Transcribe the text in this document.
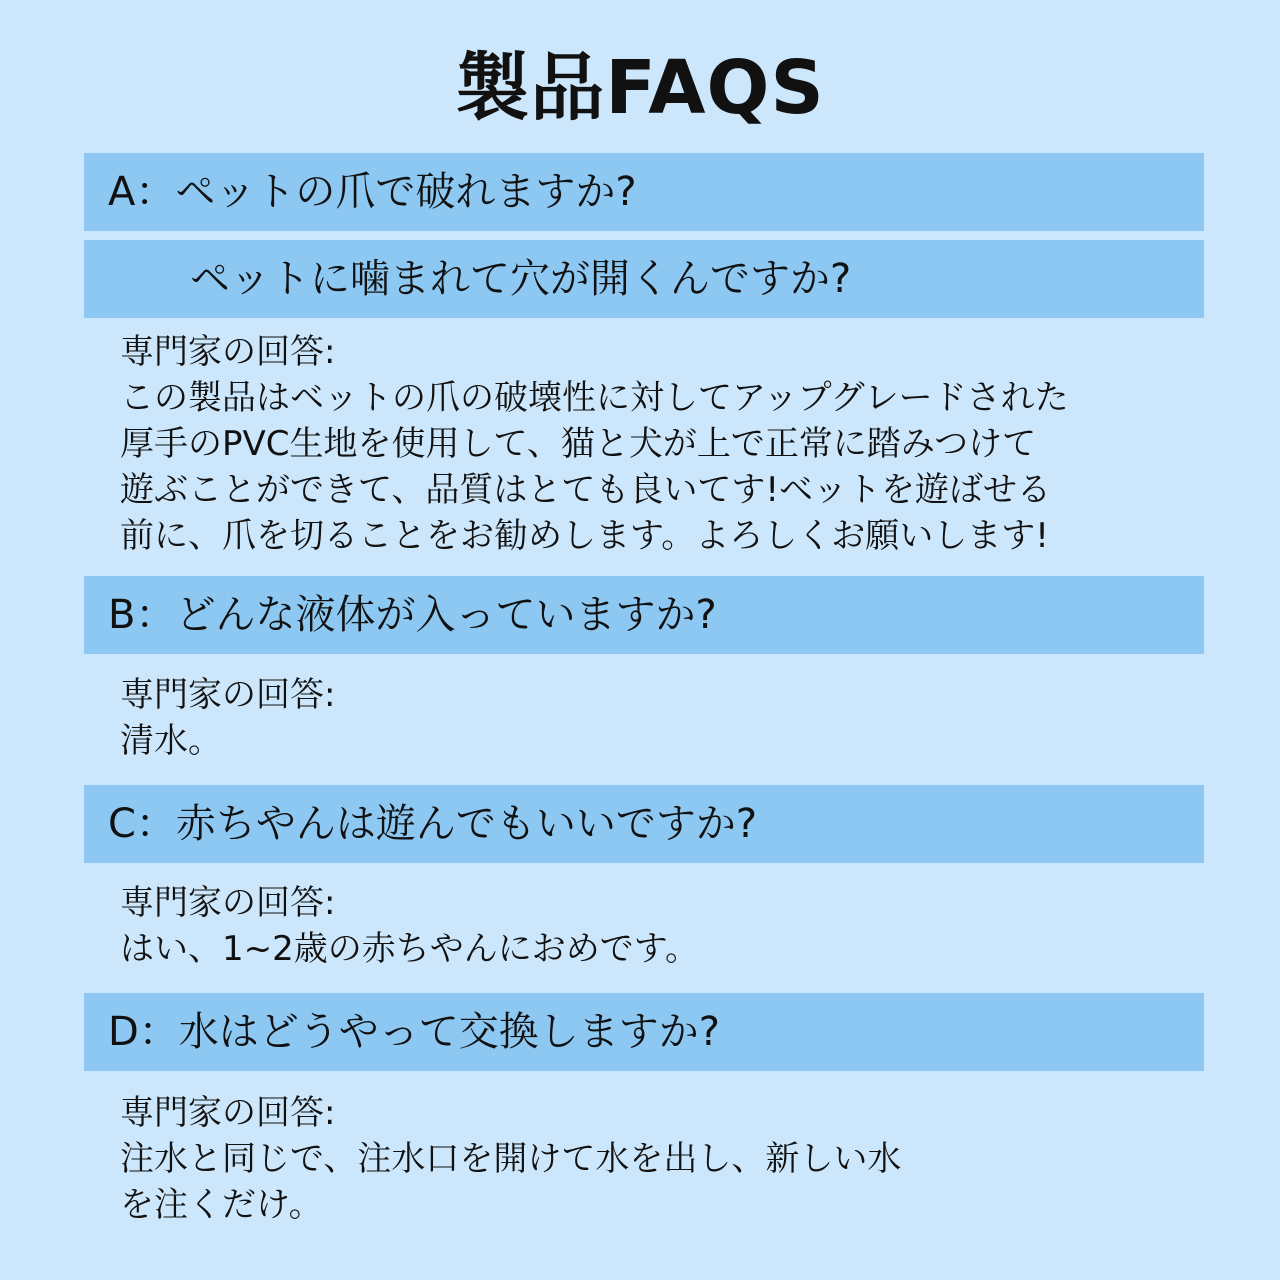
製品FAQS
A：ペットの爪で破れますか?
ペットに噛まれて穴が開くんですか?
専門家の回答:
この製品はベットの爪の破壊性に対してアップグレードされた
厚手のPVC生地を使用して、猫と犬が上で正常に踏みつけて
遊ぶことができて、品質はとても良いてす!ベットを遊ばせる
前に、爪を切ることをお勧めします。よろしくお願いします!
B：どんな液体が入っていますか?
専門家の回答:
清水。
C：赤ちやんは遊んでもいいですか?
専門家の回答:
はい、1~2歳の赤ちやんにおめです。
D：水はどうやって交換しますか?
専門家の回答:
注水と同じで、注水口を開けて水を出し、新しい水
を注くだけ。
